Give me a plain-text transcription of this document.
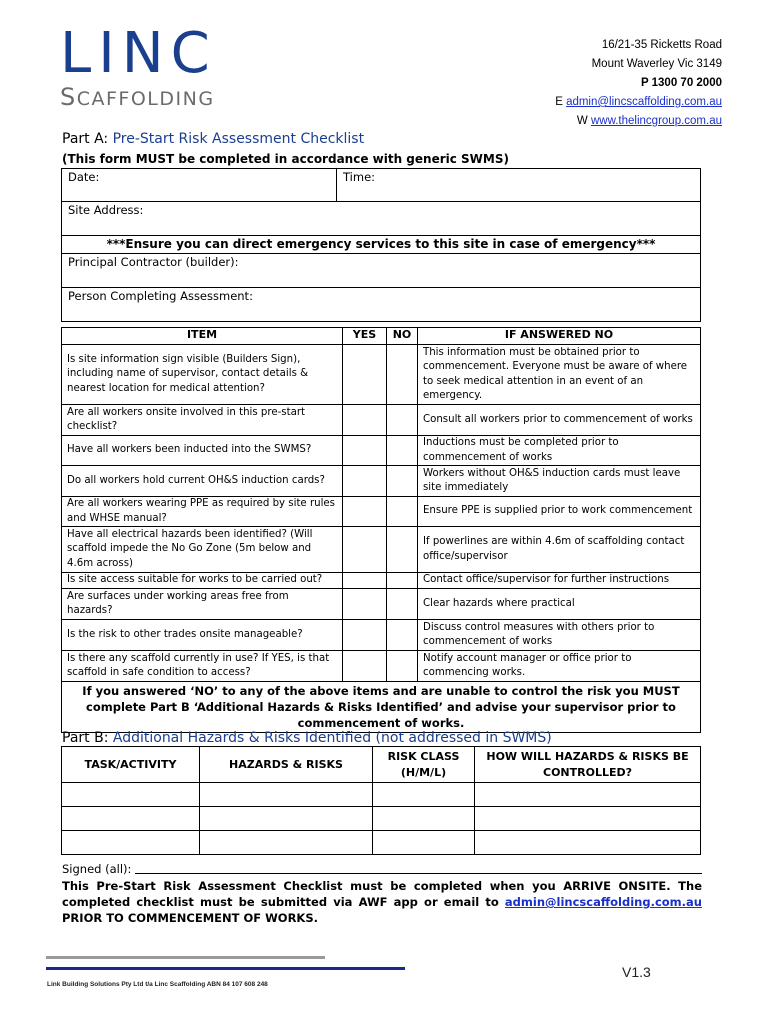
LINC
SCAFFOLDING
16/21-35 Ricketts Road
Mount Waverley Vic 3149
P 1300 70 2000
E admin@lincscaffolding.com.au
W www.thelincgroup.com.au
Part A: Pre-Start Risk Assessment Checklist
(This form MUST be completed in accordance with generic SWMS)
Date:	Time:
Site Address:
***Ensure you can direct emergency services to this site in case of emergency***
Principal Contractor (builder):
Person Completing Assessment:
ITEM	YES	NO	IF ANSWERED NO
Is site information sign visible (Builders Sign), including name of supervisor, contact details & nearest location for medical attention?			This information must be obtained prior to commencement. Everyone must be aware of where to seek medical attention in an event of an emergency.
Are all workers onsite involved in this pre-start checklist?			Consult all workers prior to commencement of works
Have all workers been inducted into the SWMS?			Inductions must be completed prior to commencement of works
Do all workers hold current OH&S induction cards?			Workers without OH&S induction cards must leave site immediately
Are all workers wearing PPE as required by site rules and WHSE manual?			Ensure PPE is supplied prior to work commencement
Have all electrical hazards been identified? (Will scaffold impede the No Go Zone (5m below and 4.6m across)			If powerlines are within 4.6m of scaffolding contact office/supervisor
Is site access suitable for works to be carried out?			Contact office/supervisor for further instructions
Are surfaces under working areas free from hazards?			Clear hazards where practical
Is the risk to other trades onsite manageable?			Discuss control measures with others prior to commencement of works
Is there any scaffold currently in use? If YES, is that scaffold in safe condition to access?			Notify account manager or office prior to commencing works.
If you answered ‘NO’ to any of the above items and are unable to control the risk you MUST complete Part B ‘Additional Hazards & Risks Identified’ and advise your supervisor prior to commencement of works.			
Part B: Additional Hazards & Risks Identified (not addressed in SWMS)
TASK/ACTIVITY	HAZARDS & RISKS	RISK CLASS (H/M/L)	HOW WILL HAZARDS & RISKS BE CONTROLLED?

Signed (all):
This Pre-Start Risk Assessment Checklist must be completed when you ARRIVE ONSITE. The completed checklist must be submitted via AWF app or email to admin@lincscaffolding.com.au PRIOR TO COMMENCEMENT OF WORKS.
V1.3
Link Building Solutions Pty Ltd t/a Linc Scaffolding ABN 84 107 608 248
